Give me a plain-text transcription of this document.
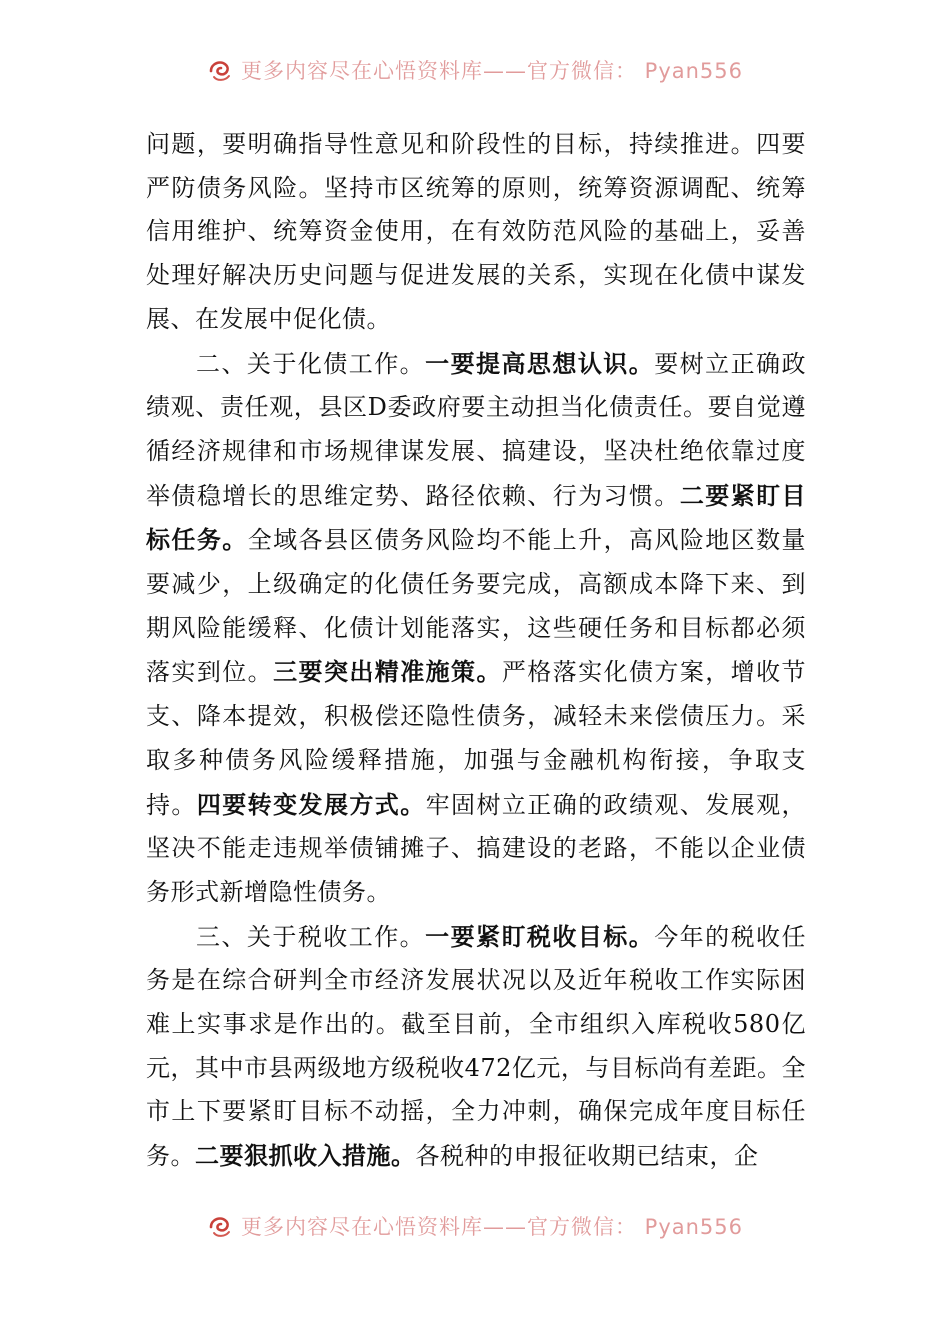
更多内容尽在心悟资料库——官方微信： Pyan556

问题，要明确指导性意见和阶段性的目标，持续推进。四要严防债务风险。坚持市区统筹的原则，统筹资源调配、统筹信用维护、统筹资金使用，在有效防范风险的基础上，妥善处理好解决历史问题与促进发展的关系，实现在化债中谋发展、在发展中促化债。

二、关于化债工作。一要提高思想认识。要树立正确政绩观、责任观，县区D委政府要主动担当化债责任。要自觉遵循经济规律和市场规律谋发展、搞建设，坚决杜绝依靠过度举债稳增长的思维定势、路径依赖、行为习惯。二要紧盯目标任务。全域各县区债务风险均不能上升，高风险地区数量要减少，上级确定的化债任务要完成，高额成本降下来、到期风险能缓释、化债计划能落实，这些硬任务和目标都必须落实到位。三要突出精准施策。严格落实化债方案，增收节支、降本提效，积极偿还隐性债务，减轻未来偿债压力。采取多种债务风险缓释措施，加强与金融机构衔接，争取支持。四要转变发展方式。牢固树立正确的政绩观、发展观，坚决不能走违规举债铺摊子、搞建设的老路，不能以企业债务形式新增隐性债务。

三、关于税收工作。一要紧盯税收目标。今年的税收任务是在综合研判全市经济发展状况以及近年税收工作实际困难上实事求是作出的。截至目前，全市组织入库税收580亿元，其中市县两级地方级税收472亿元，与目标尚有差距。全市上下要紧盯目标不动摇，全力冲刺，确保完成年度目标任务。二要狠抓收入措施。各税种的申报征收期已结束，企

更多内容尽在心悟资料库——官方微信： Pyan556
